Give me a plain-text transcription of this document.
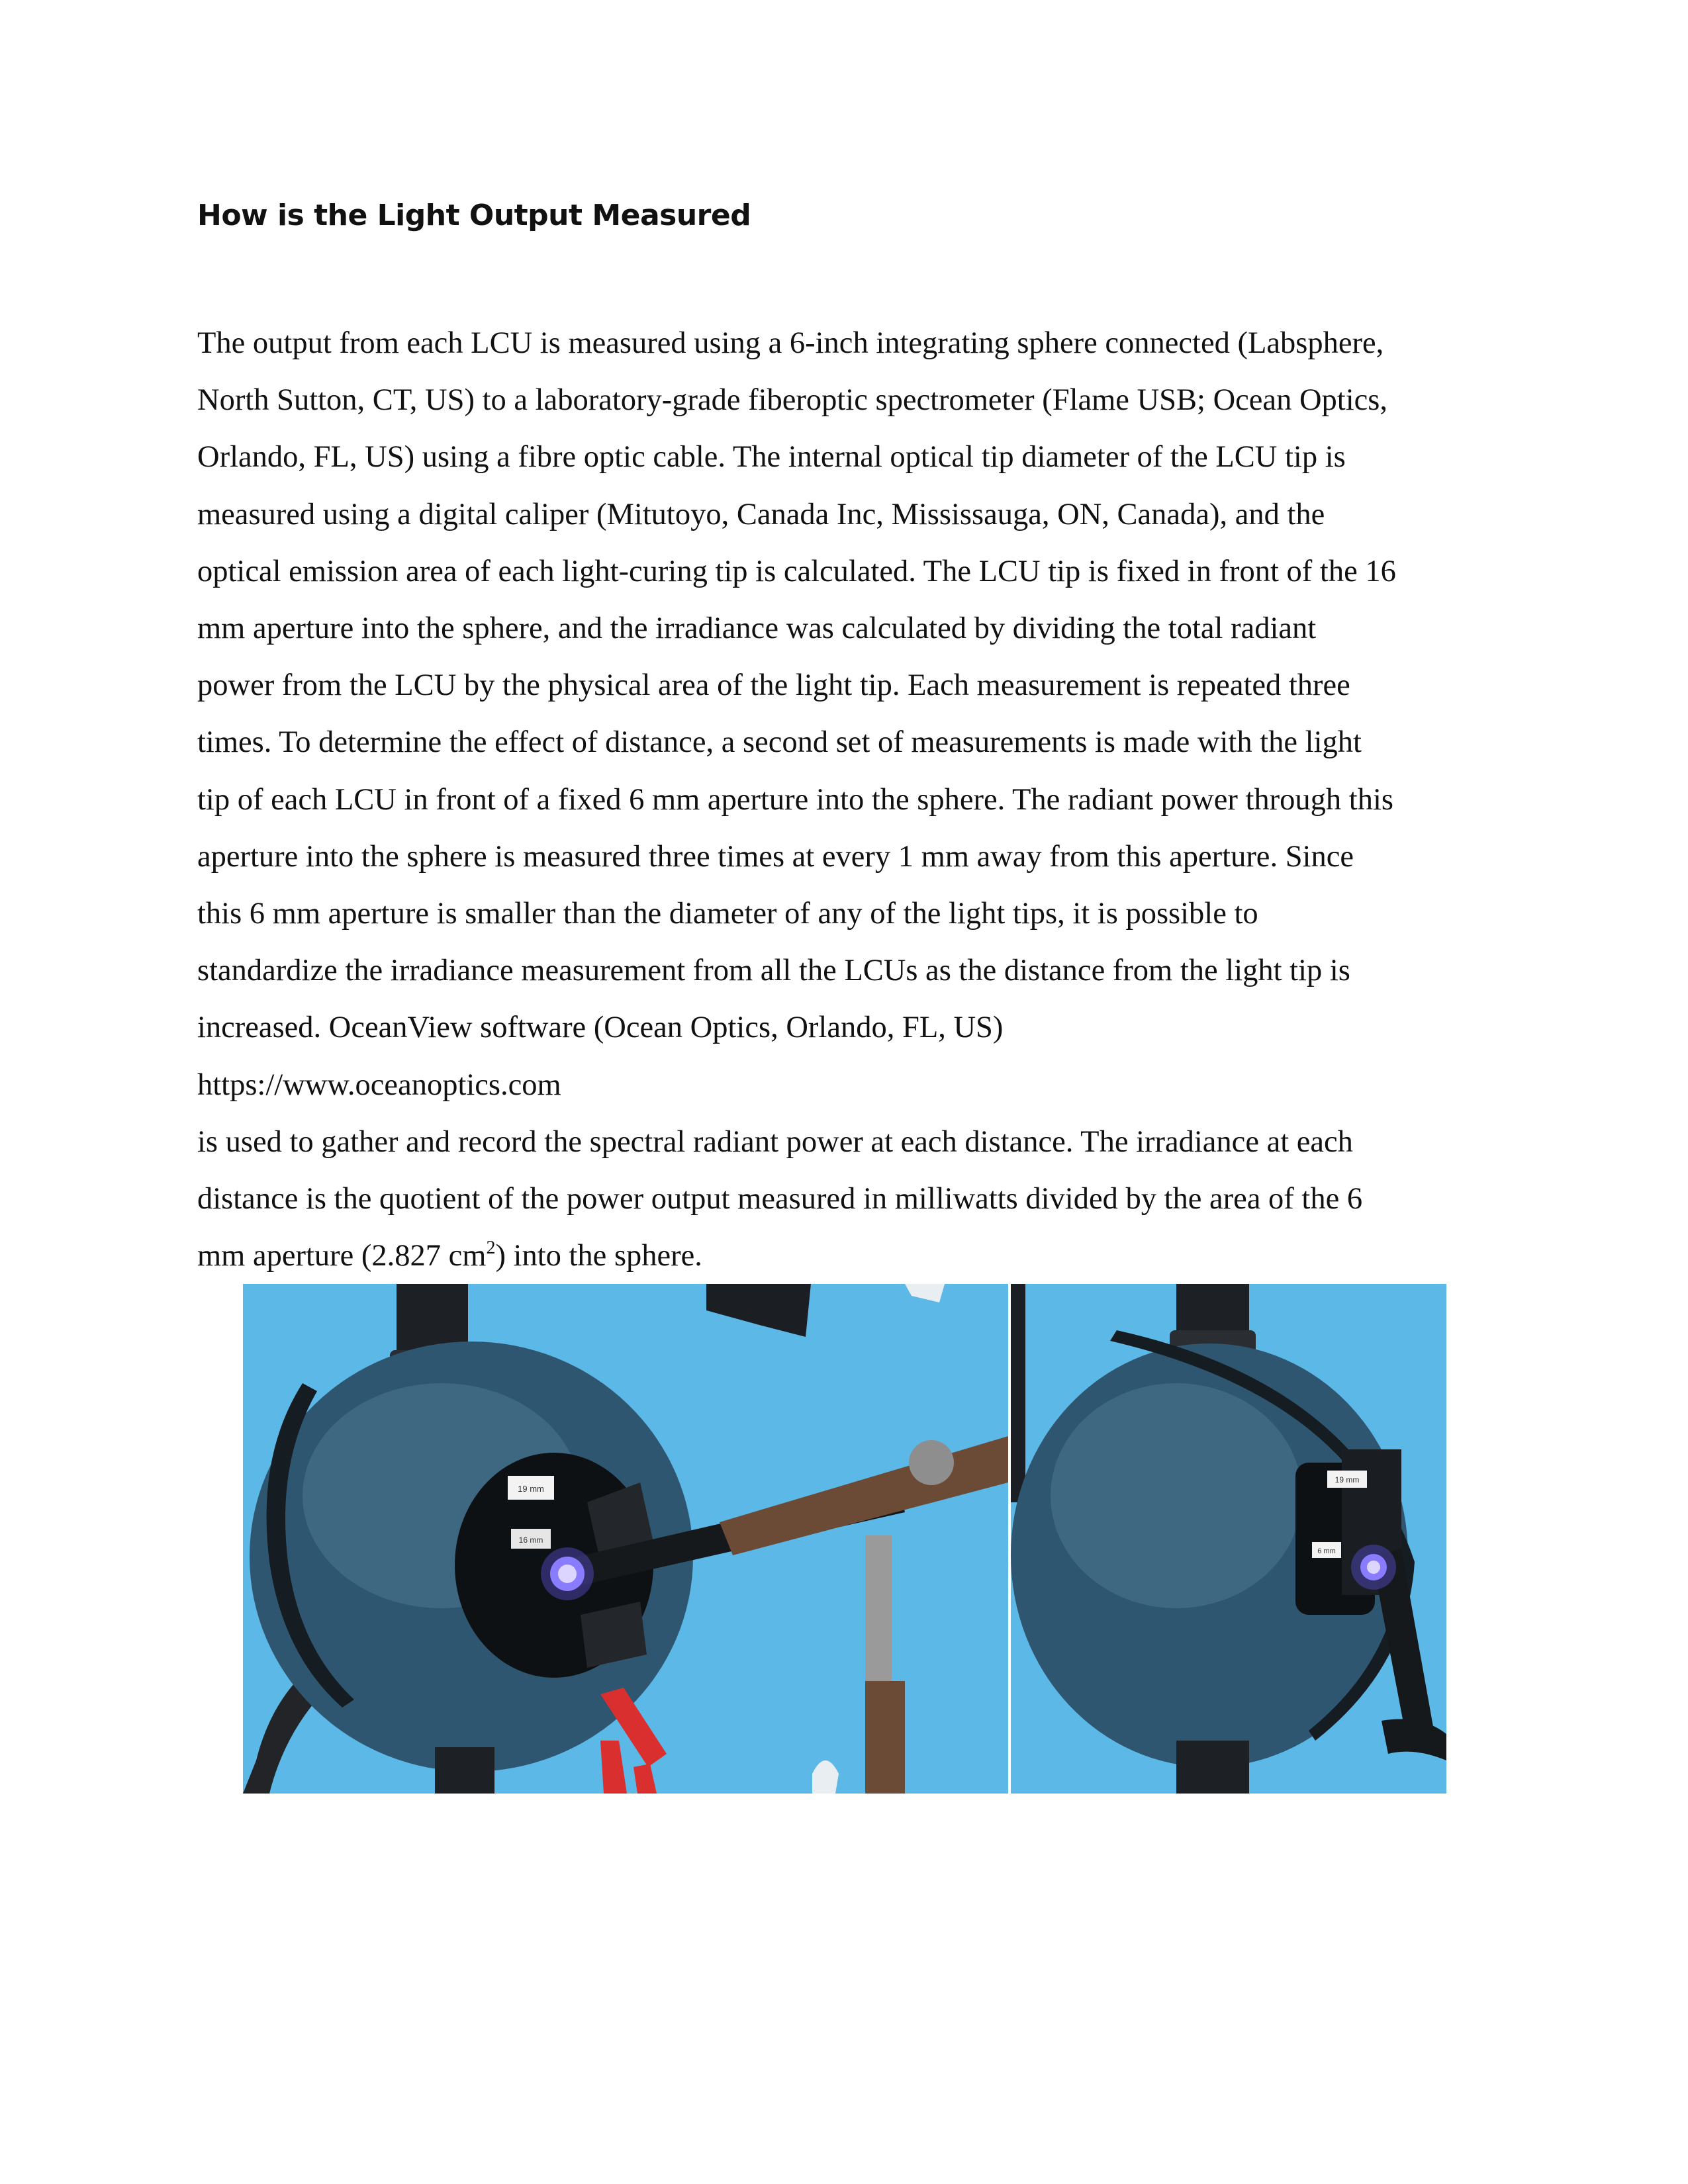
How is the Light Output Measured
The output from each LCU is measured using a 6-inch integrating sphere connected (Labsphere,
North Sutton, CT, US) to a laboratory-grade fiberoptic spectrometer (Flame USB; Ocean Optics,
Orlando, FL, US) using a fibre optic cable. The internal optical tip diameter of the LCU tip is
measured using a digital caliper (Mitutoyo, Canada Inc, Mississauga, ON, Canada), and the
optical emission area of each light-curing tip is calculated. The LCU tip is fixed in front of the 16
mm aperture into the sphere, and the irradiance was calculated by dividing the total radiant
power from the LCU by the physical area of the light tip. Each measurement is repeated three
times. To determine the effect of distance, a second set of measurements is made with the light
tip of each LCU in front of a fixed 6 mm aperture into the sphere. The radiant power through this
aperture into the sphere is measured three times at every 1 mm away from this aperture. Since
this 6 mm aperture is smaller than the diameter of any of the light tips, it is possible to
standardize the irradiance measurement from all the LCUs as the distance from the light tip is
increased. OceanView software (Ocean Optics, Orlando, FL, US)
https://www.oceanoptics.com
is used to gather and record the spectral radiant power at each distance. The irradiance at each
distance is the quotient of the power output measured in milliwatts divided by the area of the 6
mm aperture (2.827 $cm^2$) into the sphere.
19 mm
16 mm
19 mm
6 mm
